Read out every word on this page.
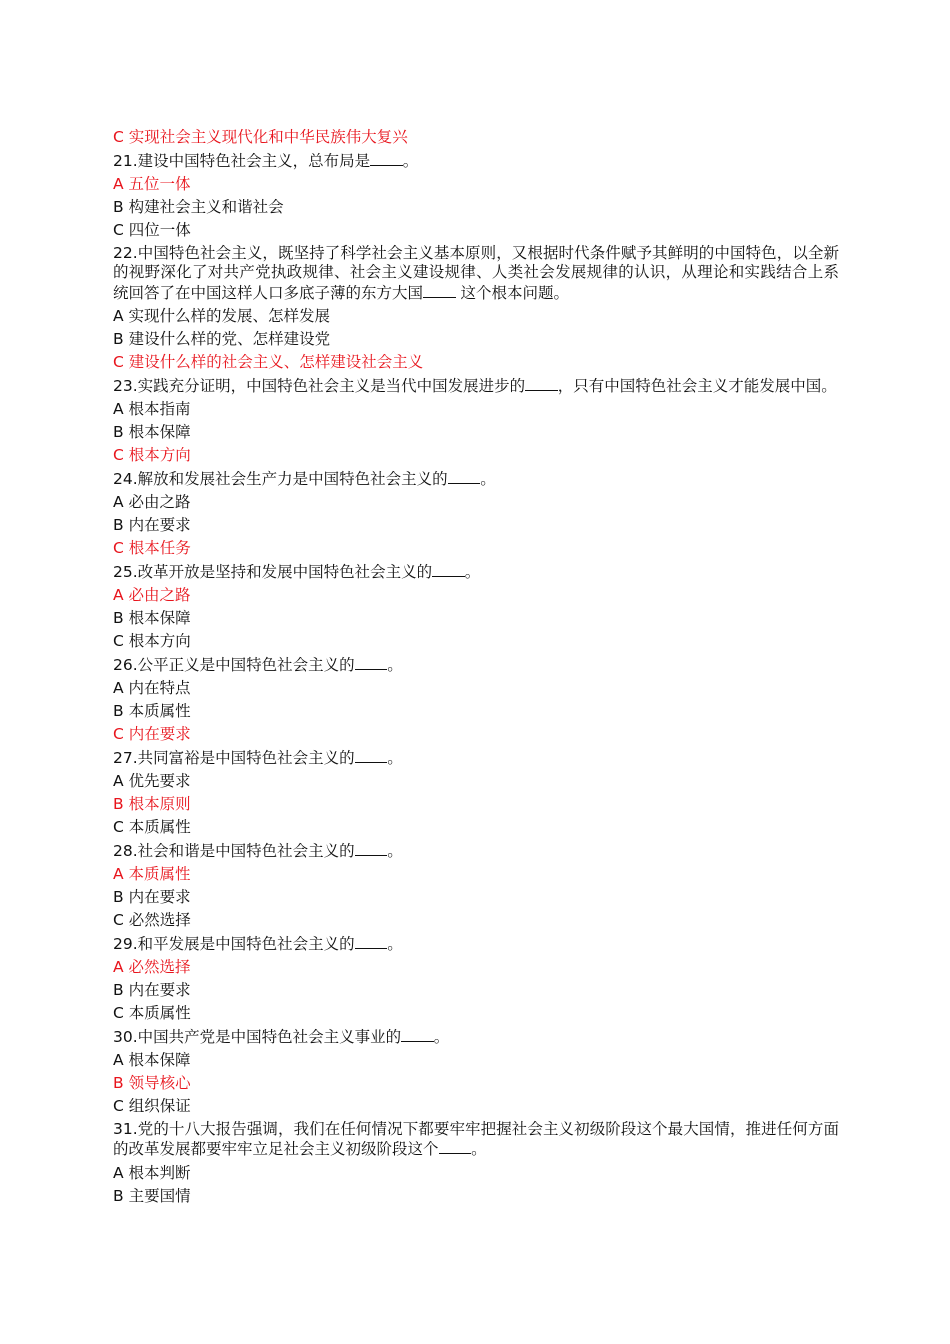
C 实现社会主义现代化和中华民族伟大复兴
21.建设中国特色社会主义，总布局是 。
A 五位一体
B 构建社会主义和谐社会
C 四位一体
22.中国特色社会主义，既坚持了科学社会主义基本原则，又根据时代条件赋予其鲜明的中国特色，以全新的视野深化了对共产党执政规律、社会主义建设规律、人类社会发展规律的认识，从理论和实践结合上系统回答了在中国这样人口多底子薄的东方大国 这个根本问题。
A 实现什么样的发展、怎样发展
B 建设什么样的党、怎样建设党
C 建设什么样的社会主义、怎样建设社会主义
23.实践充分证明，中国特色社会主义是当代中国发展进步的 ，只有中国特色社会主义才能发展中国。
A 根本指南
B 根本保障
C 根本方向
24.解放和发展社会生产力是中国特色社会主义的 。
A 必由之路
B 内在要求
C 根本任务
25.改革开放是坚持和发展中国特色社会主义的 。
A 必由之路
B 根本保障
C 根本方向
26.公平正义是中国特色社会主义的 。
A 内在特点
B 本质属性
C 内在要求
27.共同富裕是中国特色社会主义的 。
A 优先要求
B 根本原则
C 本质属性
28.社会和谐是中国特色社会主义的 。
A 本质属性
B 内在要求
C 必然选择
29.和平发展是中国特色社会主义的 。
A 必然选择
B 内在要求
C 本质属性
30.中国共产党是中国特色社会主义事业的 。
A 根本保障
B 领导核心
C 组织保证
31.党的十八大报告强调，我们在任何情况下都要牢牢把握社会主义初级阶段这个最大国情，推进任何方面的改革发展都要牢牢立足社会主义初级阶段这个 。
A 根本判断
B 主要国情
